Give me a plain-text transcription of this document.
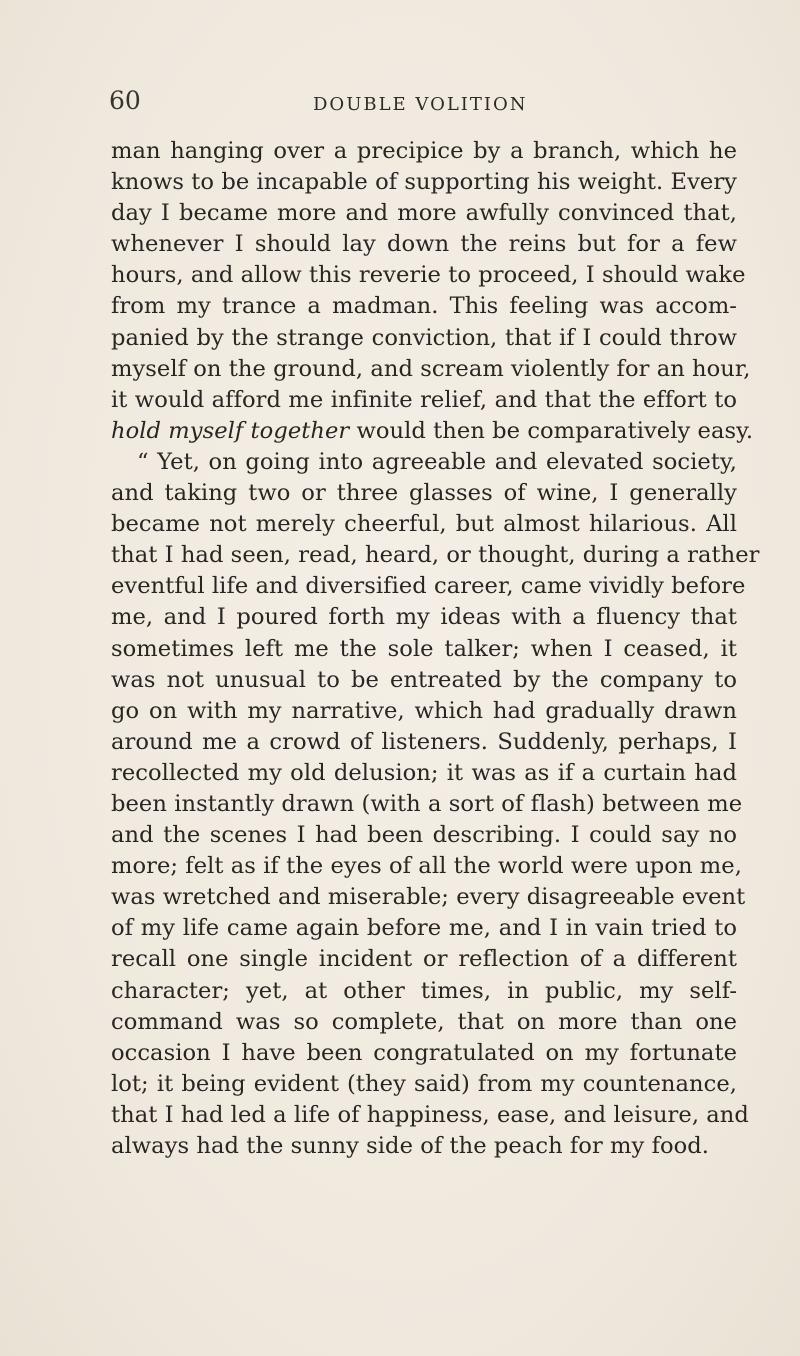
60	DOUBLE VOLITION
man hanging over a precipice by a branch, which he
knows to be incapable of supporting his weight. Every
day I became more and more awfully convinced that,
whenever I should lay down the reins but for a few
hours, and allow this reverie to proceed, I should wake
from my trance a madman. This feeling was accom-
panied by the strange conviction, that if I could throw
myself on the ground, and scream violently for an hour,
it would afford me infinite relief, and that the effort to
hold myself together would then be comparatively easy.
“ Yet, on going into agreeable and elevated society,
and taking two or three glasses of wine, I generally
became not merely cheerful, but almost hilarious. All
that I had seen, read, heard, or thought, during a rather
eventful life and diversified career, came vividly before
me, and I poured forth my ideas with a fluency that
sometimes left me the sole talker; when I ceased, it
was not unusual to be entreated by the company to
go on with my narrative, which had gradually drawn
around me a crowd of listeners. Suddenly, perhaps, I
recollected my old delusion; it was as if a curtain had
been instantly drawn (with a sort of flash) between me
and the scenes I had been describing. I could say no
more; felt as if the eyes of all the world were upon me,
was wretched and miserable; every disagreeable event
of my life came again before me, and I in vain tried to
recall one single incident or reflection of a different
character; yet, at other times, in public, my self-
command was so complete, that on more than one
occasion I have been congratulated on my fortunate
lot; it being evident (they said) from my countenance,
that I had led a life of happiness, ease, and leisure, and
always had the sunny side of the peach for my food.
